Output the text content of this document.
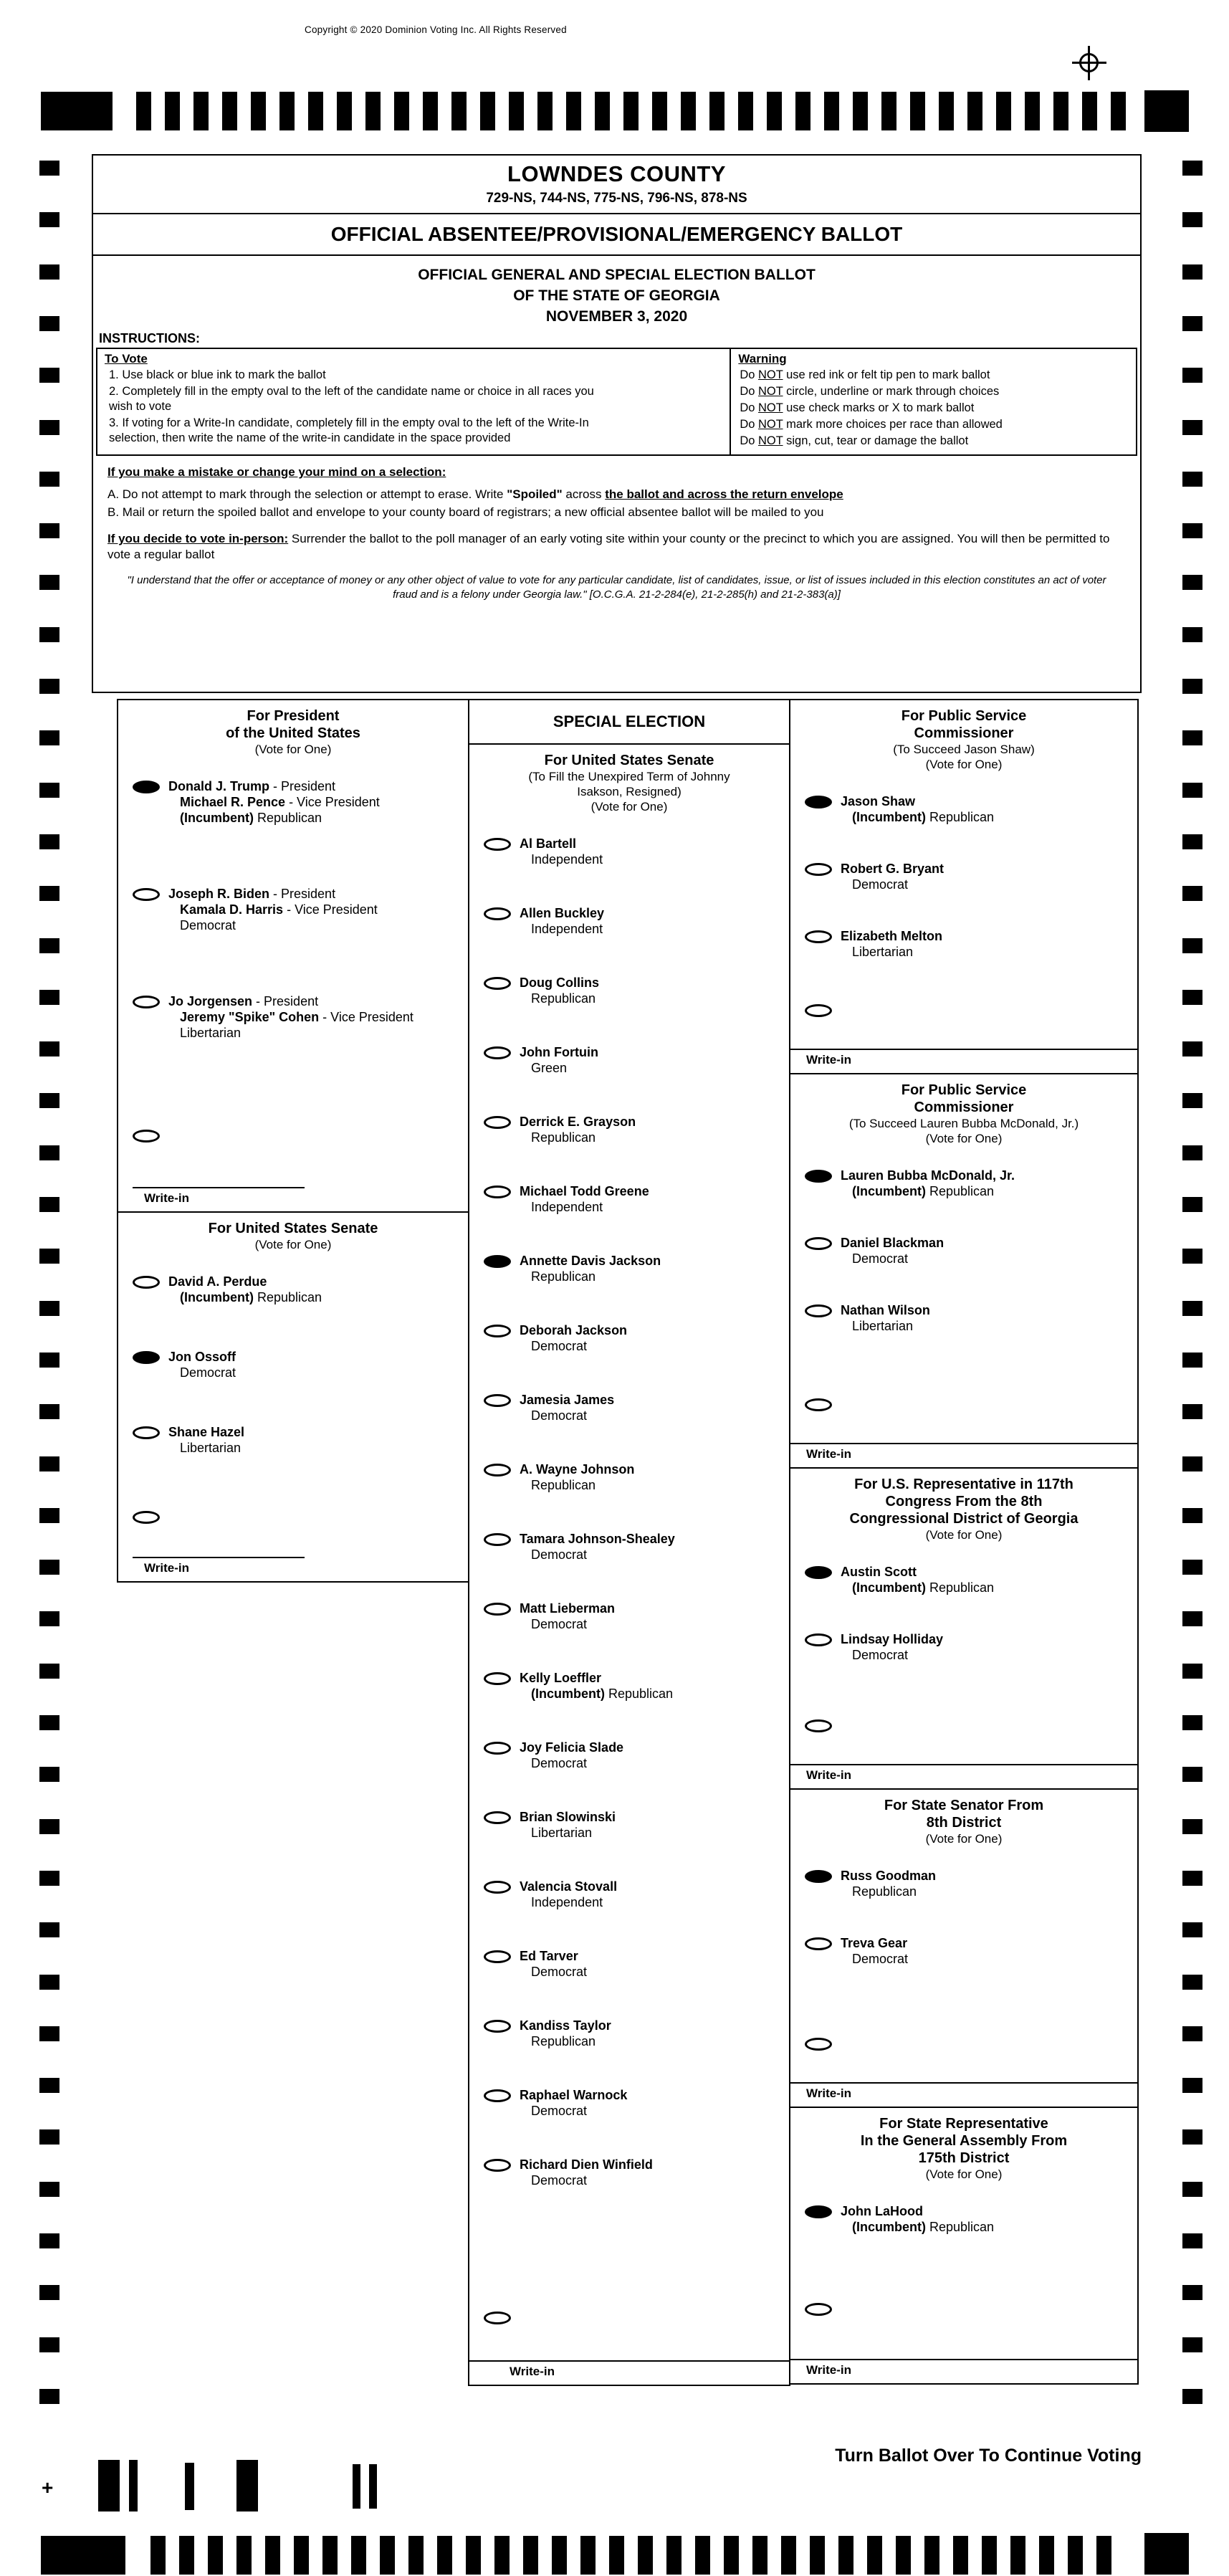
Copyright © 2020 Dominion Voting Inc. All Rights Reserved
LOWNDES COUNTY
729-NS, 744-NS, 775-NS, 796-NS, 878-NS
OFFICIAL ABSENTEE/PROVISIONAL/EMERGENCY BALLOT
OFFICIAL GENERAL AND SPECIAL ELECTION BALLOT
OF THE STATE OF GEORGIA
NOVEMBER 3, 2020
INSTRUCTIONS:
To Vote
1. Use black or blue ink to mark the ballot
2. Completely fill in the empty oval to the left of the candidate name or choice in all races you wish to vote
3. If voting for a Write-In candidate, completely fill in the empty oval to the left of the Write-In selection, then write the name of the write-in candidate in the space provided
Warning
Do NOT use red ink or felt tip pen to mark ballot
Do NOT circle, underline or mark through choices
Do NOT use check marks or X to mark ballot
Do NOT mark more choices per race than allowed
Do NOT sign, cut, tear or damage the ballot
If you make a mistake or change your mind on a selection:
A. Do not attempt to mark through the selection or attempt to erase. Write "Spoiled" across the ballot and across the return envelope
B. Mail or return the spoiled ballot and envelope to your county board of registrars; a new official absentee ballot will be mailed to you
If you decide to vote in-person: Surrender the ballot to the poll manager of an early voting site within your county or the precinct to which you are assigned. You will then be permitted to vote a regular ballot
"I understand that the offer or acceptance of money or any other object of value to vote for any particular candidate, list of candidates, issue, or list of issues included in this election constitutes an act of voter fraud and is a felony under Georgia law." [O.C.G.A. 21-2-284(e), 21-2-285(h) and 21-2-383(a)]
For President
of the United States
(Vote for One)
Donald J. Trump - President
Michael R. Pence - Vice President
(Incumbent) Republican
Joseph R. Biden - President
Kamala D. Harris - Vice President
Democrat
Jo Jorgensen - President
Jeremy "Spike" Cohen - Vice President
Libertarian
Write-in
For United States Senate
(Vote for One)
David A. Perdue
(Incumbent) Republican
Jon Ossoff
Democrat
Shane Hazel
Libertarian
Write-in
SPECIAL ELECTION
For United States Senate
(To Fill the Unexpired Term of Johnny
Isakson, Resigned)
(Vote for One)
Al Bartell
Independent
Allen Buckley
Independent
Doug Collins
Republican
John Fortuin
Green
Derrick E. Grayson
Republican
Michael Todd Greene
Independent
Annette Davis Jackson
Republican
Deborah Jackson
Democrat
Jamesia James
Democrat
A. Wayne Johnson
Republican
Tamara Johnson-Shealey
Democrat
Matt Lieberman
Democrat
Kelly Loeffler
(Incumbent) Republican
Joy Felicia Slade
Democrat
Brian Slowinski
Libertarian
Valencia Stovall
Independent
Ed Tarver
Democrat
Kandiss Taylor
Republican
Raphael Warnock
Democrat
Richard Dien Winfield
Democrat
Write-in
For Public Service
Commissioner
(To Succeed Jason Shaw)
(Vote for One)
Jason Shaw
(Incumbent) Republican
Robert G. Bryant
Democrat
Elizabeth Melton
Libertarian
Write-in
For Public Service
Commissioner
(To Succeed Lauren Bubba McDonald, Jr.)
(Vote for One)
Lauren Bubba McDonald, Jr.
(Incumbent) Republican
Daniel Blackman
Democrat
Nathan Wilson
Libertarian
Write-in
For U.S. Representative in 117th
Congress From the 8th
Congressional District of Georgia
(Vote for One)
Austin Scott
(Incumbent) Republican
Lindsay Holliday
Democrat
Write-in
For State Senator From
8th District
(Vote for One)
Russ Goodman
Republican
Treva Gear
Democrat
Write-in
For State Representative
In the General Assembly From
175th District
(Vote for One)
John LaHood
(Incumbent) Republican
Write-in
+
Turn Ballot Over To Continue Voting
